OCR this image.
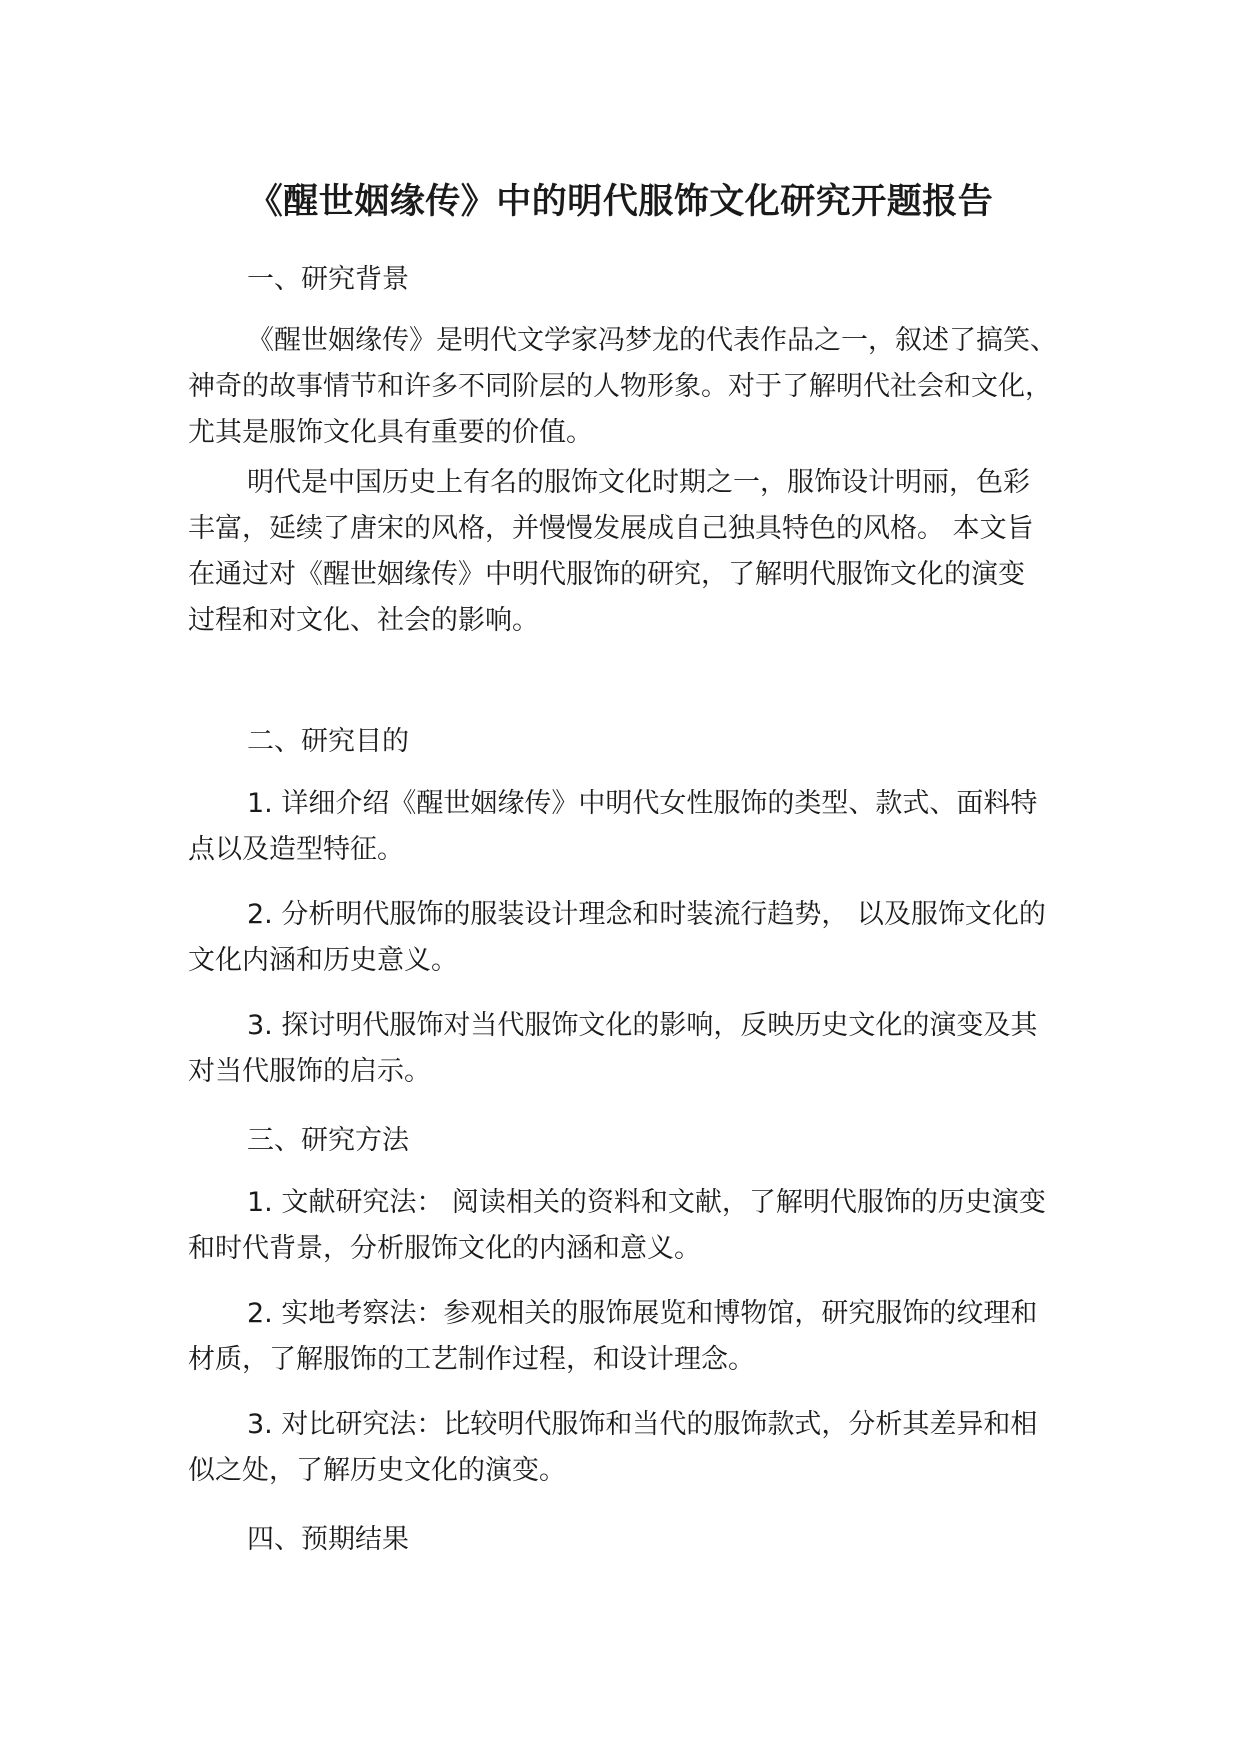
《醒世姻缘传》中的明代服饰文化研究开题报告
一、研究背景
《醒世姻缘传》是明代文学家冯梦龙的代表作品之一，叙述了搞笑、
神奇的故事情节和许多不同阶层的人物形象。对于了解明代社会和文化，
尤其是服饰文化具有重要的价值。
明代是中国历史上有名的服饰文化时期之一，服饰设计明丽，色彩
丰富，延续了唐宋的风格，并慢慢发展成自己独具特色的风格。 本文旨
在通过对《醒世姻缘传》中明代服饰的研究，了解明代服饰文化的演变
过程和对文化、社会的影响。
二、研究目的
1. 详细介绍《醒世姻缘传》中明代女性服饰的类型、款式、面料特
点以及造型特征。
2. 分析明代服饰的服装设计理念和时装流行趋势， 以及服饰文化的
文化内涵和历史意义。
3. 探讨明代服饰对当代服饰文化的影响，反映历史文化的演变及其
对当代服饰的启示。
三、研究方法
1. 文献研究法： 阅读相关的资料和文献，了解明代服饰的历史演变
和时代背景，分析服饰文化的内涵和意义。
2. 实地考察法：参观相关的服饰展览和博物馆，研究服饰的纹理和
材质，了解服饰的工艺制作过程，和设计理念。
3. 对比研究法：比较明代服饰和当代的服饰款式，分析其差异和相
似之处，了解历史文化的演变。
四、预期结果
